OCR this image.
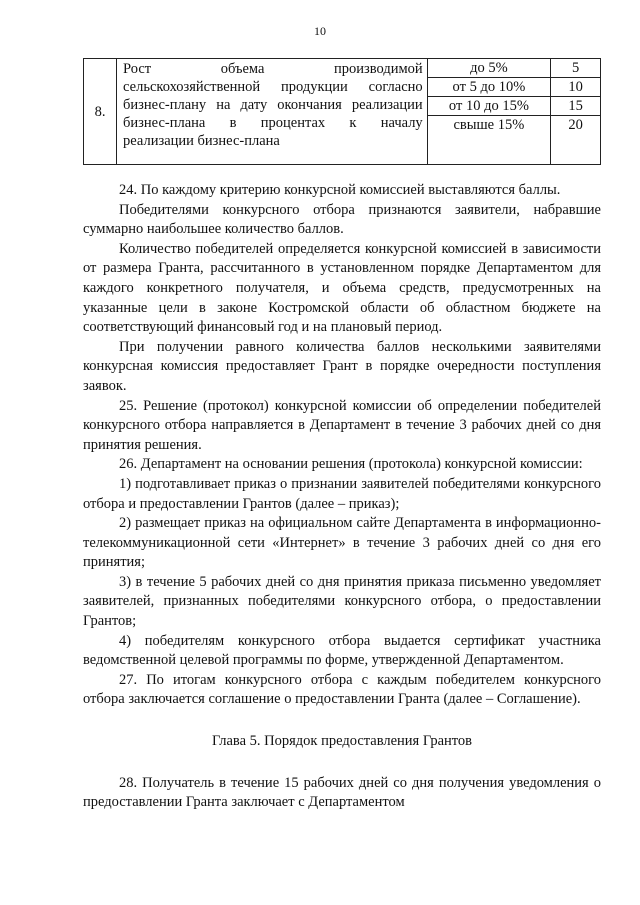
10
8.	Рост объема производимой
сельскохозяйственной продукции согласно
бизнес-плану на дату окончания реализации
бизнес-плана в процентах к началу
реализации бизнес-плана	до 5%	5
		от 5 до 10%	10
		от 10 до 15%	15
		свыше 15%	20

24. По каждому критерию конкурсной комиссией выставляются баллы.

Победителями конкурсного отбора признаются заявители, набравшие суммарно наибольшее количество баллов.

Количество победителей определяется конкурсной комиссией в зависимости от размера Гранта, рассчитанного в установленном порядке Департаментом для каждого конкретного получателя, и объема средств, предусмотренных на указанные цели в законе Костромской области об областном бюджете на соответствующий финансовый год и на плановый период.

При получении равного количества баллов несколькими заявителями конкурсная комиссия предоставляет Грант в порядке очередности поступления заявок.

25. Решение (протокол) конкурсной комиссии об определении победителей конкурсного отбора направляется в Департамент в течение 3 рабочих дней со дня принятия решения.

26. Департамент на основании решения (протокола) конкурсной комиссии:

1) подготавливает приказ о признании заявителей победителями конкурсного отбора и предоставлении Грантов (далее – приказ);

2) размещает приказ на официальном сайте Департамента в информационно-телекоммуникационной сети «Интернет» в течение 3 рабочих дней со дня его принятия;

3) в течение 5 рабочих дней со дня принятия приказа письменно уведомляет заявителей, признанных победителями конкурсного отбора, о предоставлении Грантов;

4) победителям конкурсного отбора выдается сертификат участника ведомственной целевой программы по форме, утвержденной Департаментом.

27. По итогам конкурсного отбора с каждым победителем конкурсного отбора заключается соглашение о предоставлении Гранта (далее – Соглашение).

Глава 5. Порядок предоставления Грантов

28. Получатель в течение 15 рабочих дней со дня получения уведомления о предоставлении Гранта заключает с Департаментом
